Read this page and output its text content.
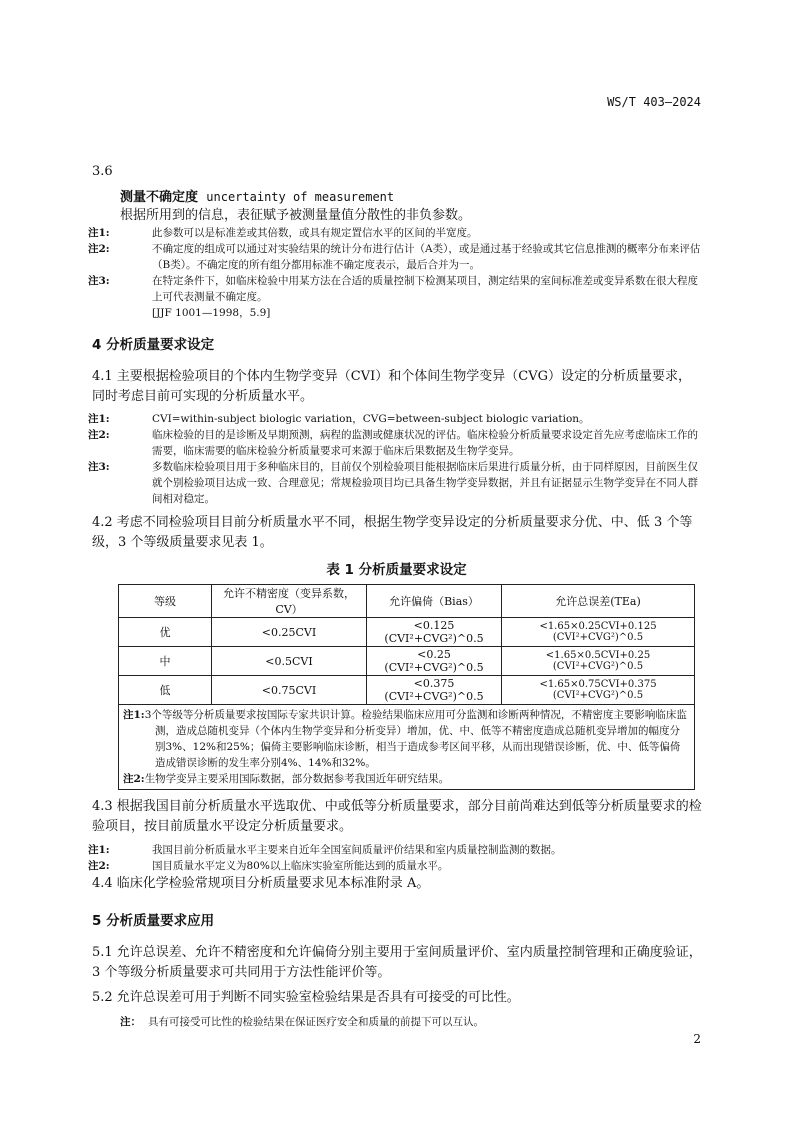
WS/T 403—2024
3.6
测量不确定度 uncertainty of measurement
根据所用到的信息，表征赋予被测量量值分散性的非负参数。
注1:	此参数可以是标准差或其倍数，或具有规定置信水平的区间的半宽度。
注2:	不确定度的组成可以通过对实验结果的统计分布进行估计（A类），或是通过基于经验或其它信息推测的概率分布来评估（B类）。不确定度的所有组分都用标准不确定度表示，最后合并为一。
注3:	在特定条件下，如临床检验中用某方法在合适的质量控制下检测某项目，测定结果的室间标准差或变异系数在很大程度上可代表测量不确定度。
[JJF 1001—1998，5.9]
4 分析质量要求设定
4.1 主要根据检验项目的个体内生物学变异（CVI）和个体间生物学变异（CVG）设定的分析质量要求，同时考虑目前可实现的分析质量水平。
注1:	CVI=within-subject biologic variation，CVG=between-subject biologic variation。
注2:	临床检验的目的是诊断及早期预测，病程的监测或健康状况的评估。临床检验分析质量要求设定首先应考虑临床工作的需要，临床需要的临床检验分析质量要求可来源于临床后果数据及生物学变异。
注3:	多数临床检验项目用于多种临床目的，目前仅个别检验项目能根据临床后果进行质量分析，由于同样原因，目前医生仅就个别检验项目达成一致、合理意见；常规检验项目均已具备生物学变异数据，并且有证据显示生物学变异在不同人群间相对稳定。
4.2 考虑不同检验项目目前分析质量水平不同，根据生物学变异设定的分析质量要求分优、中、低 3 个等级，3 个等级质量要求见表 1。
表 1 分析质量要求设定
等级	允许不精密度（变异系数，CV）	允许偏倚（Bias）	允许总误差(TEa)
优	<0.25CVI	<0.125 (CVI²+CVG²)^0.5	<1.65×0.25CVI+0.125 (CVI²+CVG²)^0.5
中	<0.5CVI	<0.25 (CVI²+CVG²)^0.5	<1.65×0.5CVI+0.25 (CVI²+CVG²)^0.5
低	<0.75CVI	<0.375 (CVI²+CVG²)^0.5	<1.65×0.75CVI+0.375 (CVI²+CVG²)^0.5

注1:3个等级等分析质量要求按国际专家共识计算。检验结果临床应用可分监测和诊断两种情况，不精密度主要影响临床监测，造成总随机变异（个体内生物学变异和分析变异）增加，优、中、低等不精密度造成总随机变异增加的幅度分别3%、12%和25%；偏倚主要影响临床诊断，相当于造成参考区间平移，从而出现错误诊断，优、中、低等偏倚造成错误诊断的发生率分别4%、14%和32%。
注2:生物学变异主要采用国际数据，部分数据参考我国近年研究结果。			
4.3 根据我国目前分析质量水平选取优、中或低等分析质量要求，部分目前尚难达到低等分析质量要求的检验项目，按目前质量水平设定分析质量要求。
注1:	我国目前分析质量水平主要来自近年全国室间质量评价结果和室内质量控制监测的数据。
注2:	国目质量水平定义为80%以上临床实验室所能达到的质量水平。
4.4 临床化学检验常规项目分析质量要求见本标准附录 A。
5 分析质量要求应用
5.1 允许总误差、允许不精密度和允许偏倚分别主要用于室间质量评价、室内质量控制管理和正确度验证，3 个等级分析质量要求可共同用于方法性能评价等。
5.2 允许总误差可用于判断不同实验室检验结果是否具有可接受的可比性。
注： 具有可接受可比性的检验结果在保证医疗安全和质量的前提下可以互认。
2
